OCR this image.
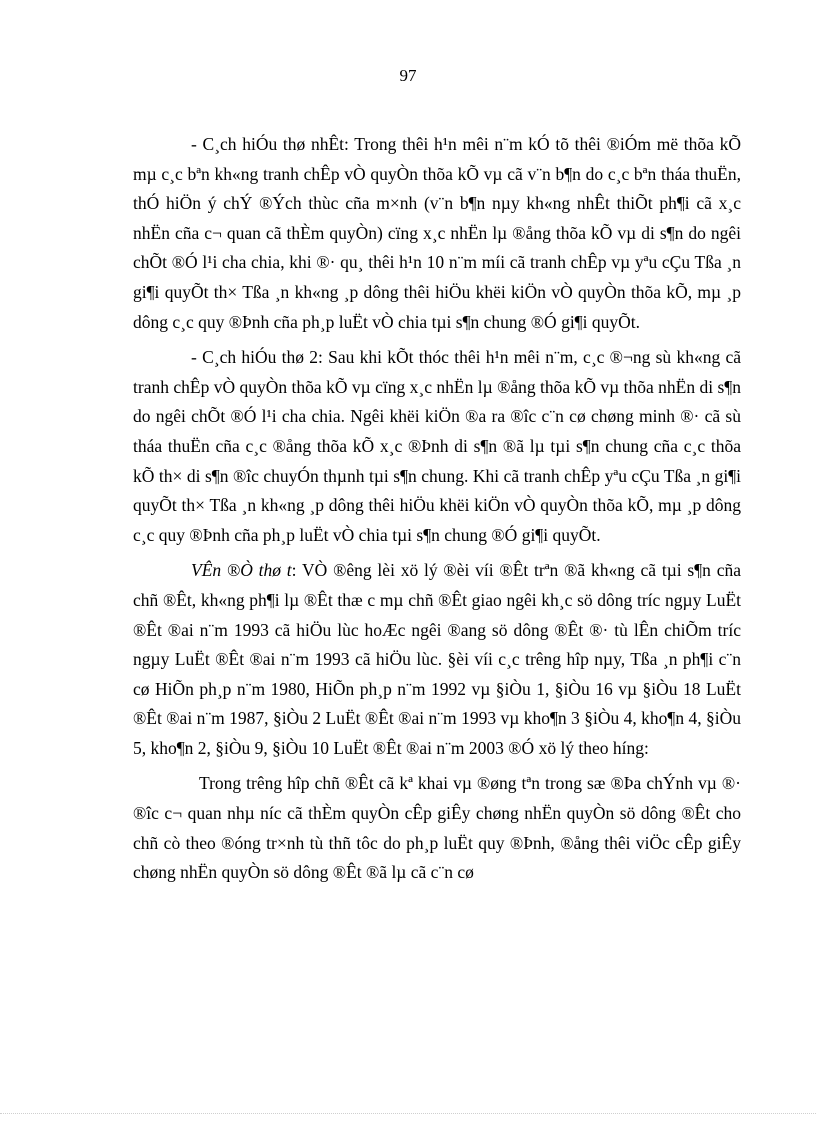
97

- C¸ch hiÓu thø nhÊt: Trong thêi h¹n mêi n¨m kÓ tõ thêi ®iÓm më thõa kÕ mµ c¸c bªn kh«ng tranh chÊp vÒ quyÒn thõa kÕ vµ cã v¨n b¶n do c¸c bªn tháa thuËn, thÓ hiÖn ý chÝ ®Ých thùc cña m×nh (v¨n b¶n nµy kh«ng nhÊt thiÕt ph¶i cã x¸c nhËn cña c¬ quan cã thÈm quyÒn) cïng x¸c nhËn lµ ®ång thõa kÕ vµ di s¶n do ngêi chÕt ®Ó l¹i cha chia, khi ®· qu¸ thêi h¹n 10 n¨m míi cã tranh chÊp vµ yªu cÇu Tßa ¸n gi¶i quyÕt th× Tßa ¸n kh«ng ¸p dông thêi hiÖu khëi kiÖn vÒ quyÒn thõa kÕ, mµ ¸p dông c¸c quy ®Þnh cña ph¸p luËt vÒ chia tµi s¶n chung ®Ó gi¶i quyÕt.

- C¸ch hiÓu thø 2: Sau khi kÕt thóc thêi h¹n mêi n¨m, c¸c ®¬ng sù kh«ng cã tranh chÊp vÒ quyÒn thõa kÕ vµ cïng x¸c nhËn lµ ®ång thõa kÕ vµ thõa nhËn di s¶n do ngêi chÕt ®Ó l¹i cha chia. Ngêi khëi kiÖn ®a ra ®îc c¨n cø chøng minh ®· cã sù tháa thuËn cña c¸c ®ång thõa kÕ x¸c ®Þnh di s¶n ®ã lµ tµi s¶n chung cña c¸c thõa kÕ th× di s¶n ®îc chuyÓn thµnh tµi s¶n chung. Khi cã tranh chÊp yªu cÇu Tßa ¸n gi¶i quyÕt th× Tßa ¸n kh«ng ¸p dông thêi hiÖu khëi kiÖn vÒ quyÒn thõa kÕ, mµ ¸p dông c¸c quy ®Þnh cña ph¸p luËt vÒ chia tµi s¶n chung ®Ó gi¶i quyÕt.

VÊn ®Ò thø t: VÒ ®êng lèi xö lý ®èi víi ®Êt trªn ®ã kh«ng cã tµi s¶n cña chñ ®Êt, kh«ng ph¶i lµ ®Êt thæ c mµ chñ ®Êt giao ngêi kh¸c sö dông tríc ngµy LuËt ®Êt ®ai n¨m 1993 cã hiÖu lùc hoÆc ngêi ®ang sö dông ®Êt ®· tù lÊn chiÕm tríc ngµy LuËt ®Êt ®ai n¨m 1993 cã hiÖu lùc. §èi víi c¸c trêng hîp nµy, Tßa ¸n ph¶i c¨n cø HiÕn ph¸p n¨m 1980, HiÕn ph¸p n¨m 1992 vµ §iÒu 1, §iÒu 16 vµ §iÒu 18 LuËt ®Êt ®ai n¨m 1987, §iÒu 2 LuËt ®Êt ®ai n¨m 1993 vµ kho¶n 3 §iÒu 4, kho¶n 4, §iÒu 5, kho¶n 2, §iÒu 9, §iÒu 10 LuËt ®Êt ®ai n¨m 2003 ®Ó xö lý theo híng:

Trong trêng hîp chñ ®Êt cã kª khai vµ ®øng tªn trong sæ ®Þa chÝnh vµ ®· ®îc c¬ quan nhµ níc cã thÈm quyÒn cÊp giÊy chøng nhËn quyÒn sö dông ®Êt cho chñ cò theo ®óng tr×nh tù thñ tôc do ph¸p luËt quy ®Þnh, ®ång thêi viÖc cÊp giÊy chøng nhËn quyÒn sö dông ®Êt ®ã lµ cã c¨n cø
